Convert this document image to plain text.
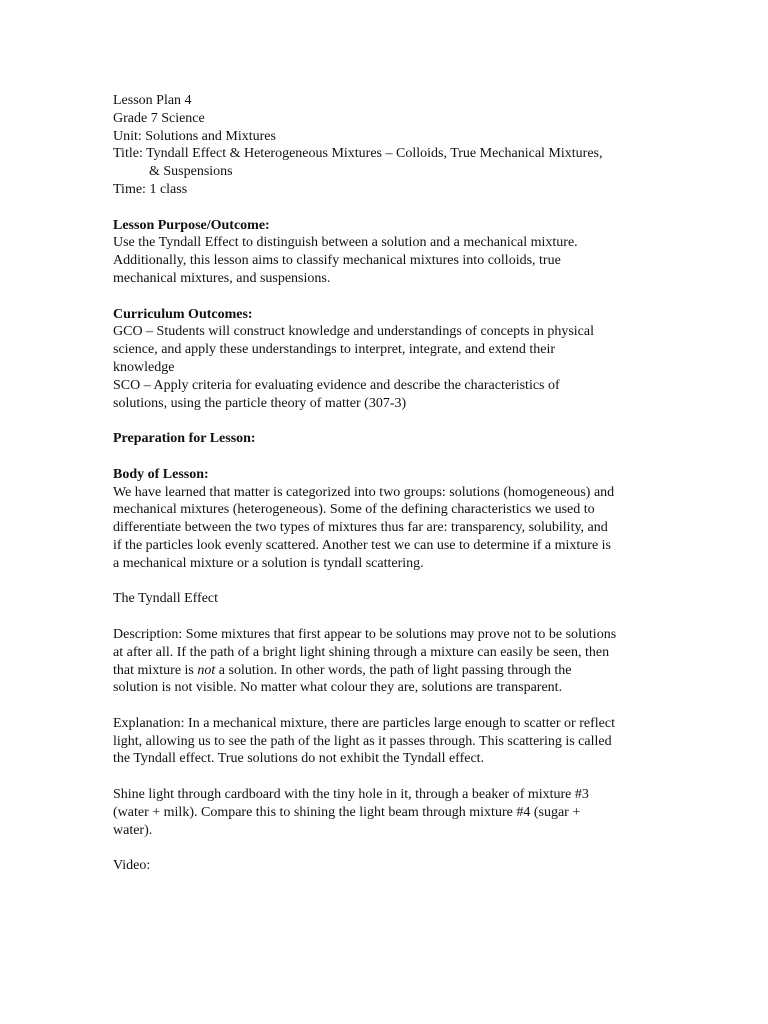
Lesson Plan 4
Grade 7 Science
Unit: Solutions and Mixtures
Title: Tyndall Effect & Heterogeneous Mixtures – Colloids, True Mechanical Mixtures,
& Suspensions
Time: 1 class
Lesson Purpose/Outcome:
Use the Tyndall Effect to distinguish between a solution and a mechanical mixture.
Additionally, this lesson aims to classify mechanical mixtures into colloids, true
mechanical mixtures, and suspensions.
Curriculum Outcomes:
GCO – Students will construct knowledge and understandings of concepts in physical
science, and apply these understandings to interpret, integrate, and extend their
knowledge
SCO – Apply criteria for evaluating evidence and describe the characteristics of
solutions, using the particle theory of matter (307-3)
Preparation for Lesson:
Body of Lesson:
We have learned that matter is categorized into two groups: solutions (homogeneous) and
mechanical mixtures (heterogeneous). Some of the defining characteristics we used to
differentiate between the two types of mixtures thus far are: transparency, solubility, and
if the particles look evenly scattered. Another test we can use to determine if a mixture is
a mechanical mixture or a solution is tyndall scattering.
The Tyndall Effect
Description: Some mixtures that first appear to be solutions may prove not to be solutions
at after all. If the path of a bright light shining through a mixture can easily be seen, then
that mixture is not a solution. In other words, the path of light passing through the
solution is not visible. No matter what colour they are, solutions are transparent.
Explanation: In a mechanical mixture, there are particles large enough to scatter or reflect
light, allowing us to see the path of the light as it passes through. This scattering is called
the Tyndall effect. True solutions do not exhibit the Tyndall effect.
Shine light through cardboard with the tiny hole in it, through a beaker of mixture #3
(water + milk). Compare this to shining the light beam through mixture #4 (sugar +
water).
Video:
